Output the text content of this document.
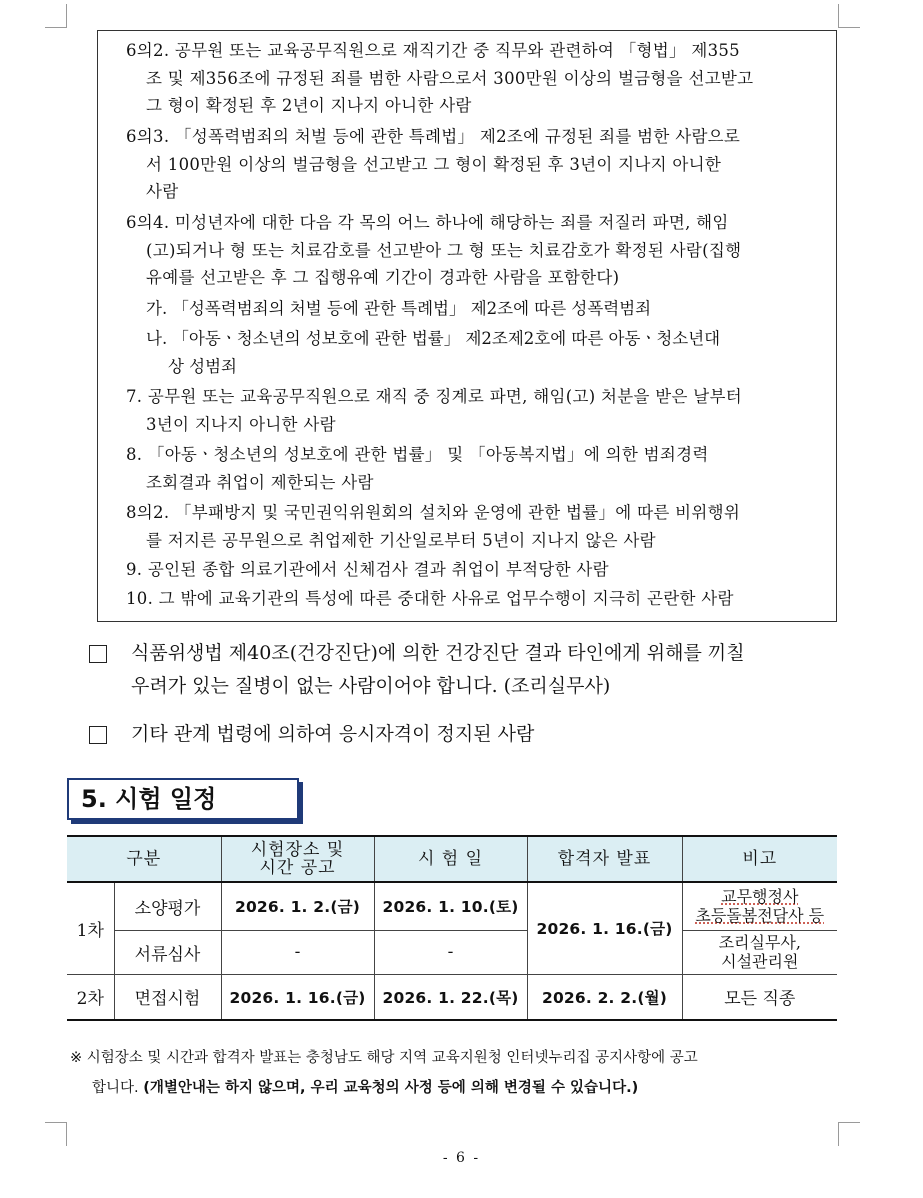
6의2. 공무원 또는 교육공무직원으로 재직기간 중 직무와 관련하여 「형법」 제355
조 및 제356조에 규정된 죄를 범한 사람으로서 300만원 이상의 벌금형을 선고받고
그 형이 확정된 후 2년이 지나지 아니한 사람
6의3. 「성폭력범죄의 처벌 등에 관한 특례법」 제2조에 규정된 죄를 범한 사람으로
서 100만원 이상의 벌금형을 선고받고 그 형이 확정된 후 3년이 지나지 아니한
사람
6의4. 미성년자에 대한 다음 각 목의 어느 하나에 해당하는 죄를 저질러 파면, 해임
(고)되거나 형 또는 치료감호를 선고받아 그 형 또는 치료감호가 확정된 사람(집행
유예를 선고받은 후 그 집행유예 기간이 경과한 사람을 포함한다)
가. 「성폭력범죄의 처벌 등에 관한 특례법」 제2조에 따른 성폭력범죄
나. 「아동ㆍ청소년의 성보호에 관한 법률」 제2조제2호에 따른 아동ㆍ청소년대
상 성범죄
7. 공무원 또는 교육공무직원으로 재직 중 징계로 파면, 해임(고) 처분을 받은 날부터
3년이 지나지 아니한 사람
8. 「아동ㆍ청소년의 성보호에 관한 법률」 및 「아동복지법」에 의한 범죄경력
조회결과 취업이 제한되는 사람
8의2. 「부패방지 및 국민권익위원회의 설치와 운영에 관한 법률」에 따른 비위행위
를 저지른 공무원으로 취업제한 기산일로부터 5년이 지나지 않은 사람
9. 공인된 종합 의료기관에서 신체검사 결과 취업이 부적당한 사람
10. 그 밖에 교육기관의 특성에 따른 중대한 사유로 업무수행이 지극히 곤란한 사람
식품위생법 제40조(건강진단)에 의한 건강진단 결과 타인에게 위해를 끼칠
우려가 있는 질병이 없는 사람이어야 합니다. (조리실무사)
기타 관계 법령에 의하여 응시자격이 정지된 사람
5. 시험 일정
구분		시험장소 및
시간 공고	시 험 일	합격자 발표	비고
1차	소양평가	2026. 1. 2.(금)	2026. 1. 10.(토)	2026. 1. 16.(금)	교무행정사
초등돌봄전담사 등
	서류심사	-	-		조리실무사,
시설관리원
2차	면접시험	2026. 1. 16.(금)	2026. 1. 22.(목)	2026. 2. 2.(월)	모든 직종
※ 시험장소 및 시간과 합격자 발표는 충청남도 해당 지역 교육지원청 인터넷누리집 공지사항에 공고
합니다. (개별안내는 하지 않으며, 우리 교육청의 사정 등에 의해 변경될 수 있습니다.)
- 6 -
